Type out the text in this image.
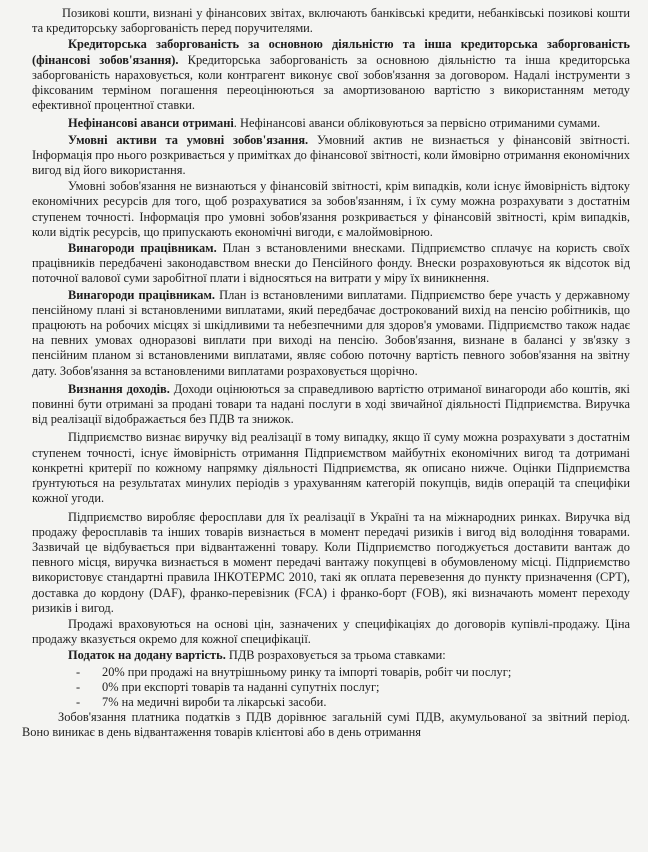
Позикові кошти, визнані у фінансових звітах, включають банківські кредити, небанківські позикові кошти та кредиторську заборгованість перед поручителями.

Кредиторська заборгованість за основною діяльністю та інша кредиторська заборгованість (фінансові зобов'язання). Кредиторська заборгованість за основною діяльністю та інша кредиторська заборгованість нараховується, коли контрагент виконує свої зобов'язання за договором. Надалі інструменти з фіксованим терміном погашення переоцінюються за амортизованою вартістю з використанням методу ефективної процентної ставки.

Нефінансові аванси отримані. Нефінансові аванси обліковуються за первісно отриманими сумами.

Умовні активи та умовні зобов'язання. Умовний актив не визнається у фінансовій звітності. Інформація про нього розкривається у примітках до фінансової звітності, коли ймовірно отримання економічних вигод від його використання.

Умовні зобов'язання не визнаються у фінансовій звітності, крім випадків, коли існує ймовірність відтоку економічних ресурсів для того, щоб розрахуватися за зобов'язанням, і їх суму можна розрахувати з достатнім ступенем точності. Інформація про умовні зобов'язання розкривається у фінансовій звітності, крім випадків, коли відтік ресурсів, що припускають економічні вигоди, є малоймовірною.

Винагороди працівникам. План з встановленими внесками. Підприємство сплачує на користь своїх працівників передбачені законодавством внески до Пенсійного фонду. Внески розраховуються як відсоток від поточної валової суми заробітної плати і відносяться на витрати у міру їх виникнення.

Винагороди працівникам. План із встановленими виплатами. Підприємство бере участь у державному пенсійному плані зі встановленими виплатами, який передбачає дострокований вихід на пенсію робітників, що працюють на робочих місцях зі шкідливими та небезпечними для здоров'я умовами. Підприємство також надає на певних умовах одноразові виплати при виході на пенсію. Зобов'язання, визнане в балансі у зв'язку з пенсійним планом зі встановленими виплатами, являє собою поточну вартість певного зобов'язання на звітну дату. Зобов'язання за встановленими виплатами розраховується щорічно.

Визнання доходів. Доходи оцінюються за справедливою вартістю отриманої винагороди або коштів, які повинні бути отримані за продані товари та надані послуги в ході звичайної діяльності Підприємства. Виручка від реалізації відображається без ПДВ та знижок.

Підприємство визнає виручку від реалізації в тому випадку, якщо її суму можна розрахувати з достатнім ступенем точності, існує ймовірність отримання Підприємством майбутніх економічних вигод та дотримані конкретні критерії по кожному напрямку діяльності Підприємства, як описано нижче. Оцінки Підприємства ґрунтуються на результатах минулих періодів з урахуванням категорій покупців, видів операцій та специфіки кожної угоди.

Підприємство виробляє феросплави для їх реалізації в Україні та на міжнародних ринках. Виручка від продажу феросплавів та інших товарів визнається в момент передачі ризиків і вигод від володіння товарами. Зазвичай це відбувається при відвантаженні товару. Коли Підприємство погоджується доставити вантаж до певного місця, виручка визнається в момент передачі вантажу покупцеві в обумовленому місці. Підприємство використовує стандартні правила ІНКОТЕРМС 2010, такі як оплата перевезення до пункту призначення (CPT), доставка до кордону (DAF), франко-перевізник (FCA) і франко-борт (FOB), які визначають момент переходу ризиків і вигод.

Продажі враховуються на основі цін, зазначених у специфікаціях до договорів купівлі-продажу. Ціна продажу вказується окремо для кожної специфікації.

Податок на додану вартість. ПДВ розраховується за трьома ставками:

- 20% при продажі на внутрішньому ринку та імпорті товарів, робіт чи послуг;
- 0% при експорті товарів та наданні супутніх послуг;
- 7% на медичні вироби та лікарські засоби.

Зобов'язання платника податків з ПДВ дорівнює загальній сумі ПДВ, акумульованої за звітний період. Воно виникає в день відвантаження товарів клієнтові або в день отримання
